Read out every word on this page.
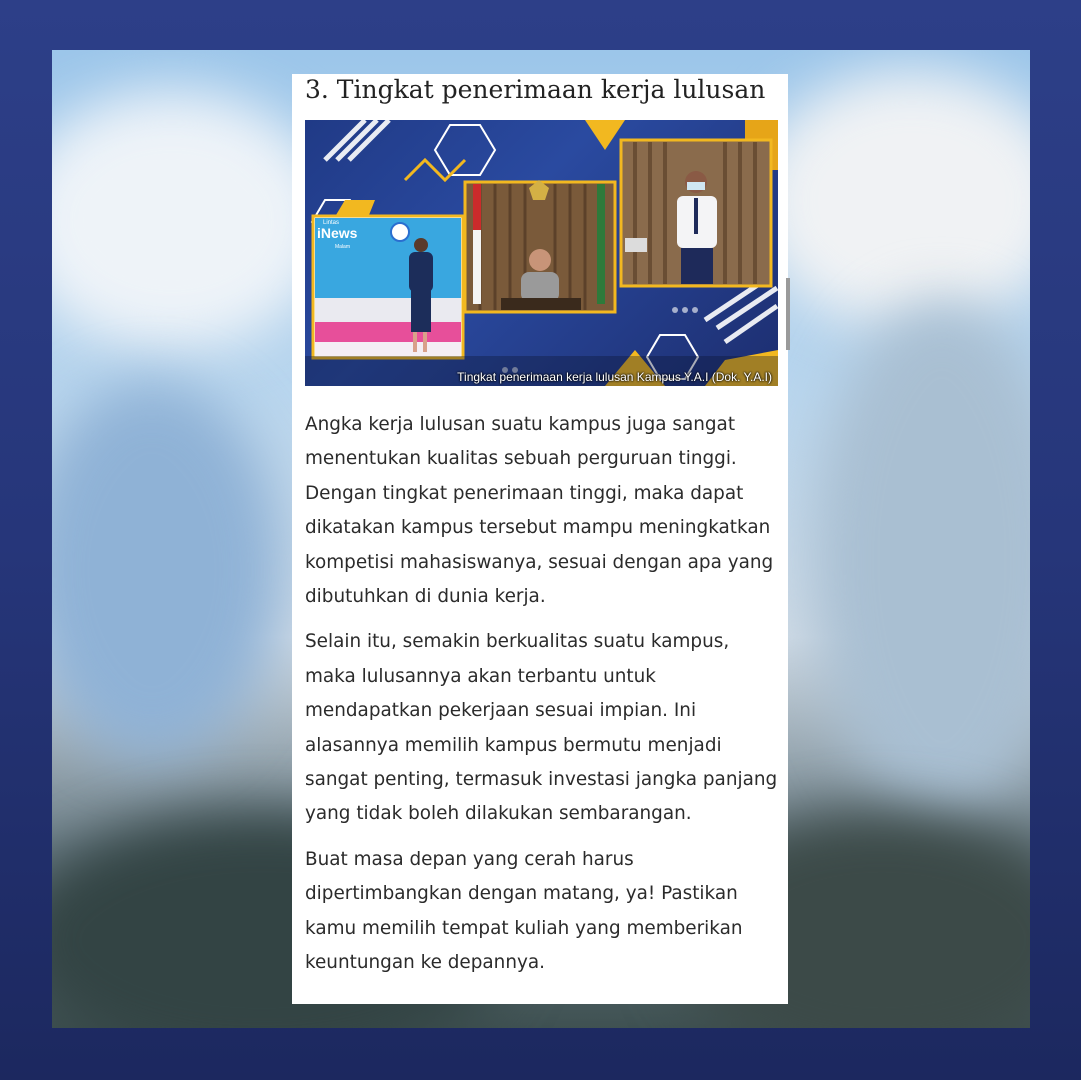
3. Tingkat penerimaan kerja lulusan
Lintas
iNews
Malam
Tingkat penerimaan kerja lulusan Kampus Y.A.I (Dok. Y.A.I)

Angka kerja lulusan suatu kampus juga sangat menentukan kualitas sebuah perguruan tinggi. Dengan tingkat penerimaan tinggi, maka dapat dikatakan kampus tersebut mampu meningkatkan kompetisi mahasiswanya, sesuai dengan apa yang dibutuhkan di dunia kerja.

Selain itu, semakin berkualitas suatu kampus, maka lulusannya akan terbantu untuk mendapatkan pekerjaan sesuai impian. Ini alasannya memilih kampus bermutu menjadi sangat penting, termasuk investasi jangka panjang yang tidak boleh dilakukan sembarangan.

Buat masa depan yang cerah harus dipertimbangkan dengan matang, ya! Pastikan kamu memilih tempat kuliah yang memberikan keuntungan ke depannya.
